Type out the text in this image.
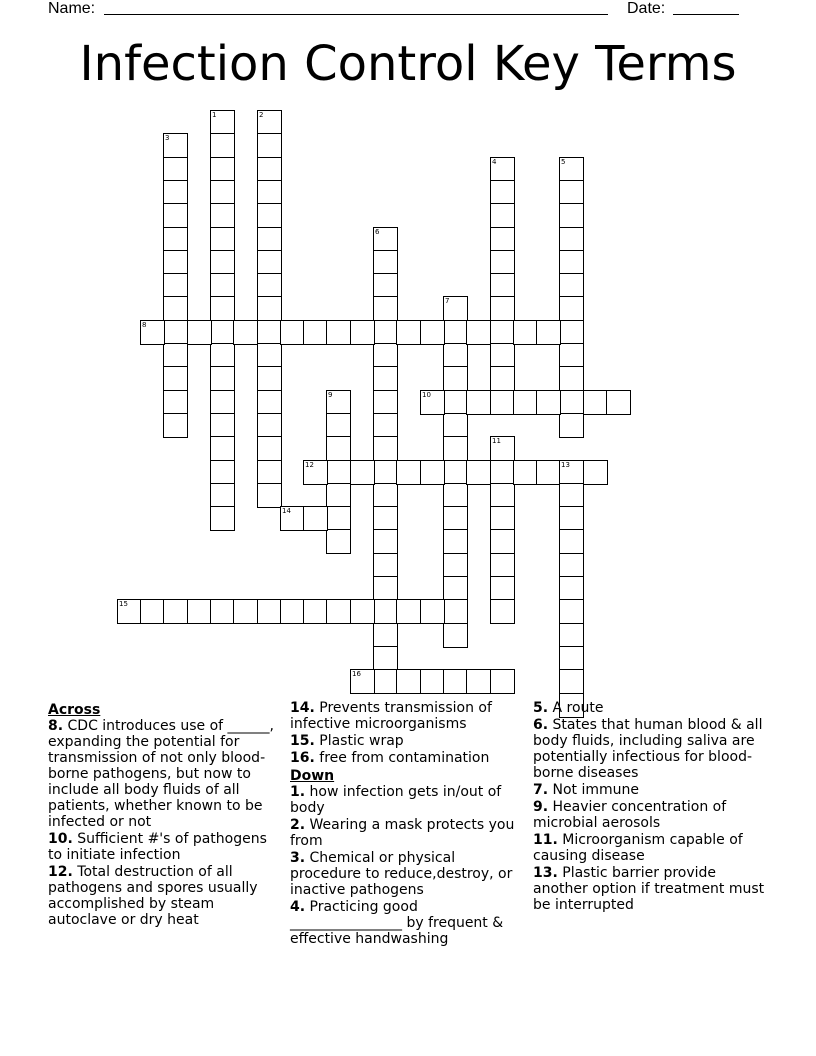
Name:	Date:
Infection Control Key Terms
1	2
3
4	5
6
7
8
9	10
11
12	13
14
15
16
Across
8. CDC introduces use of ______, expanding the potential for transmission of not only blood-borne pathogens, but now to include all body fluids of all patients, whether known to be infected or not
10. Sufficient #'s of pathogens to initiate infection
12. Total destruction of all pathogens and spores usually accomplished by steam autoclave or dry heat
14. Prevents transmission of infective microorganisms
15. Plastic wrap
16. free from contamination
Down
1. how infection gets in/out of body
2. Wearing a mask protects you from
3. Chemical or physical procedure to reduce,destroy, or inactive pathogens
4. Practicing good ________________ by frequent & effective handwashing
5. A route
6. States that human blood & all body fluids, including saliva are potentially infectious for blood-borne diseases
7. Not immune
9. Heavier concentration of microbial aerosols
11. Microorganism capable of causing disease
13. Plastic barrier provide another option if treatment must be interrupted
